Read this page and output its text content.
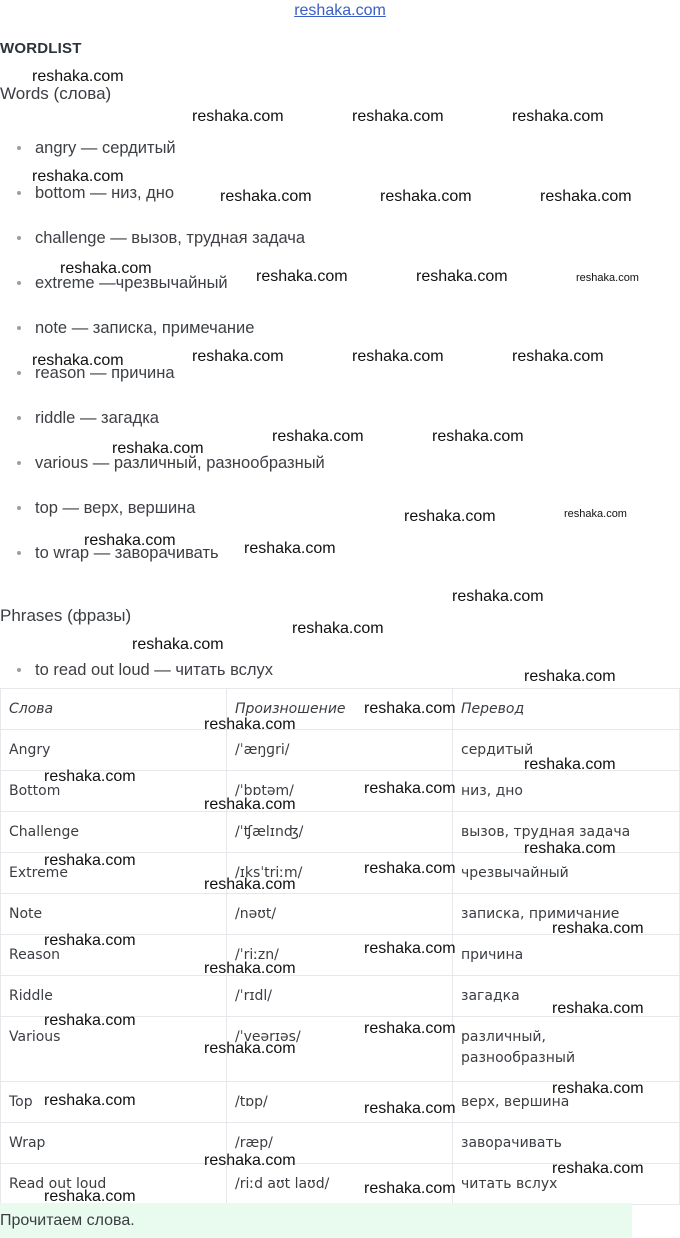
reshaka.com
WORDLIST
Words (слова)
angry — сердитый
bottom — низ, дно
challenge — вызов, трудная задача
extreme —чрезвычайный
note — записка, примечание
reason — причина
riddle — загадка
various — различный, разнообразный
top — верх, вершина
to wrap — заворачивать
Phrases (фразы)
to read out loud — читать вслух
Слова	Произношение	Перевод
Angry	/ˈæŋɡri/	сердитый
Bottom	/ˈbɒtəm/	низ, дно
Challenge	/ˈʧælɪnʤ/	вызов, трудная задача
Extreme	/ɪksˈtriːm/	чрезвычайный
Note	/nəʊt/	записка, примичание
Reason	/ˈriːzn/	причина
Riddle	/ˈrɪdl/	загадка
Various	/ˈveərɪəs/	различный, разнообразный
Top	/tɒp/	верх, вершина
Wrap	/ræp/	заворачивать
Read out loud	/riːd aʊt laʊd/	читать вслух
Прочитаем слова.
reshaka.com
reshaka.com	reshaka.com	reshaka.com
reshaka.com
reshaka.com	reshaka.com	reshaka.com
reshaka.com	reshaka.com	reshaka.com	reshaka.com
reshaka.com	reshaka.com	reshaka.com	reshaka.com
reshaka.com	reshaka.com
reshaka.com
reshaka.com	reshaka.com
reshaka.com	reshaka.com
reshaka.com
reshaka.com
reshaka.com
reshaka.com
reshaka.com
reshaka.com
reshaka.com
reshaka.com
reshaka.com
reshaka.com
reshaka.com
reshaka.com	reshaka.com
reshaka.com
reshaka.com
reshaka.com	reshaka.com
reshaka.com
reshaka.com
reshaka.com	reshaka.com
reshaka.com
reshaka.com
reshaka.com	reshaka.com
reshaka.com	reshaka.com
reshaka.com
reshaka.com
